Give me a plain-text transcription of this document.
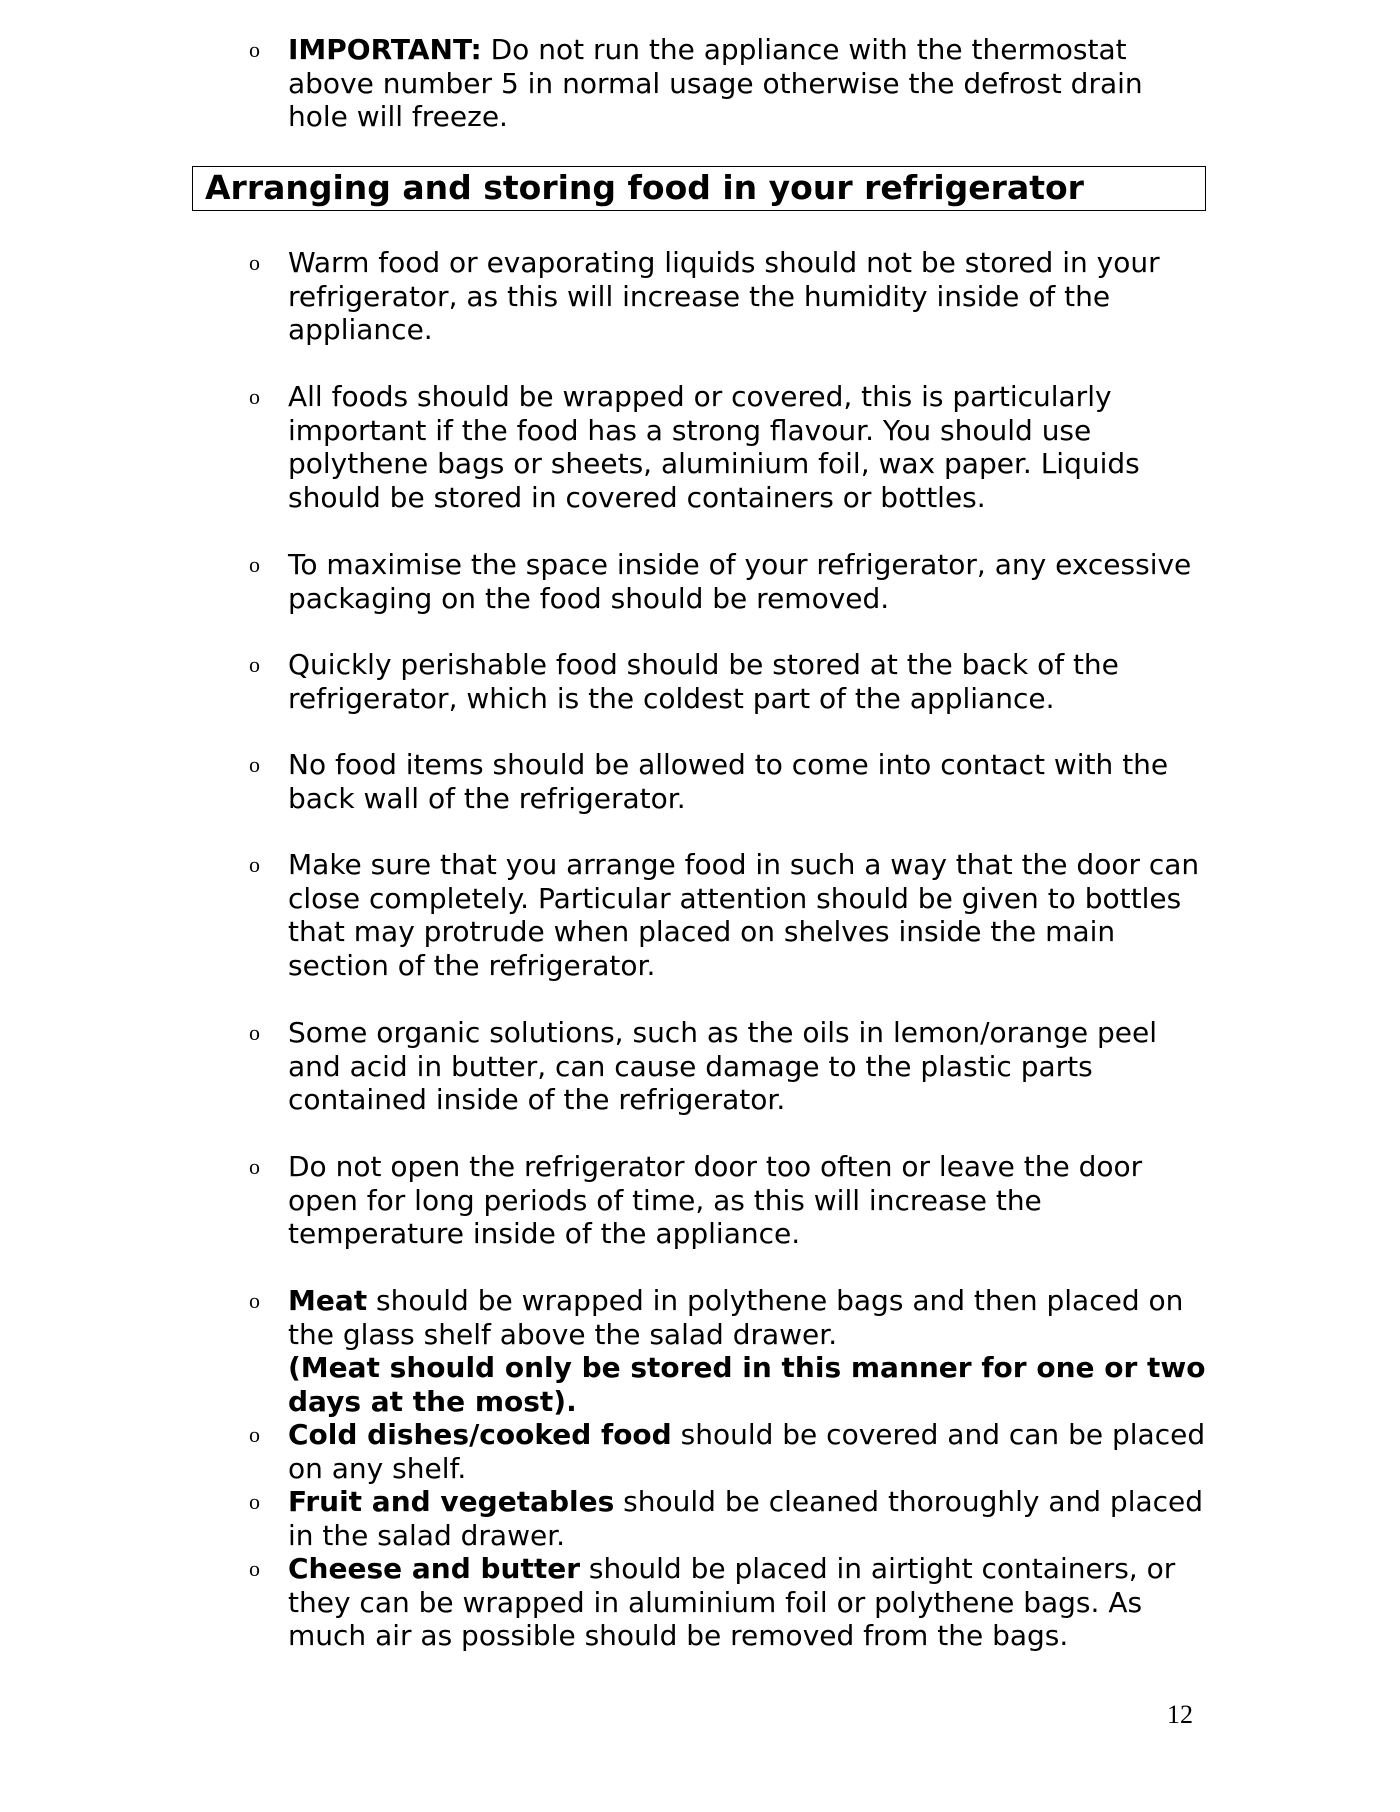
o IMPORTANT: Do not run the appliance with the thermostat above number 5 in normal usage otherwise the defrost drain hole will freeze.
Arranging and storing food in your refrigerator
o Warm food or evaporating liquids should not be stored in your refrigerator, as this will increase the humidity inside of the appliance.
o All foods should be wrapped or covered, this is particularly important if the food has a strong flavour. You should use polythene bags or sheets, aluminium foil, wax paper. Liquids should be stored in covered containers or bottles.
o To maximise the space inside of your refrigerator, any excessive packaging on the food should be removed.
o Quickly perishable food should be stored at the back of the refrigerator, which is the coldest part of the appliance.
o No food items should be allowed to come into contact with the back wall of the refrigerator.
o Make sure that you arrange food in such a way that the door can close completely. Particular attention should be given to bottles that may protrude when placed on shelves inside the main section of the refrigerator.
o Some organic solutions, such as the oils in lemon/orange peel and acid in butter, can cause damage to the plastic parts contained inside of the refrigerator.
o Do not open the refrigerator door too often or leave the door open for long periods of time, as this will increase the temperature inside of the appliance.
o Meat should be wrapped in polythene bags and then placed on the glass shelf above the salad drawer.
(Meat should only be stored in this manner for one or two days at the most).
o Cold dishes/cooked food should be covered and can be placed on any shelf.
o Fruit and vegetables should be cleaned thoroughly and placed in the salad drawer.
o Cheese and butter should be placed in airtight containers, or they can be wrapped in aluminium foil or polythene bags. As much air as possible should be removed from the bags.
12
